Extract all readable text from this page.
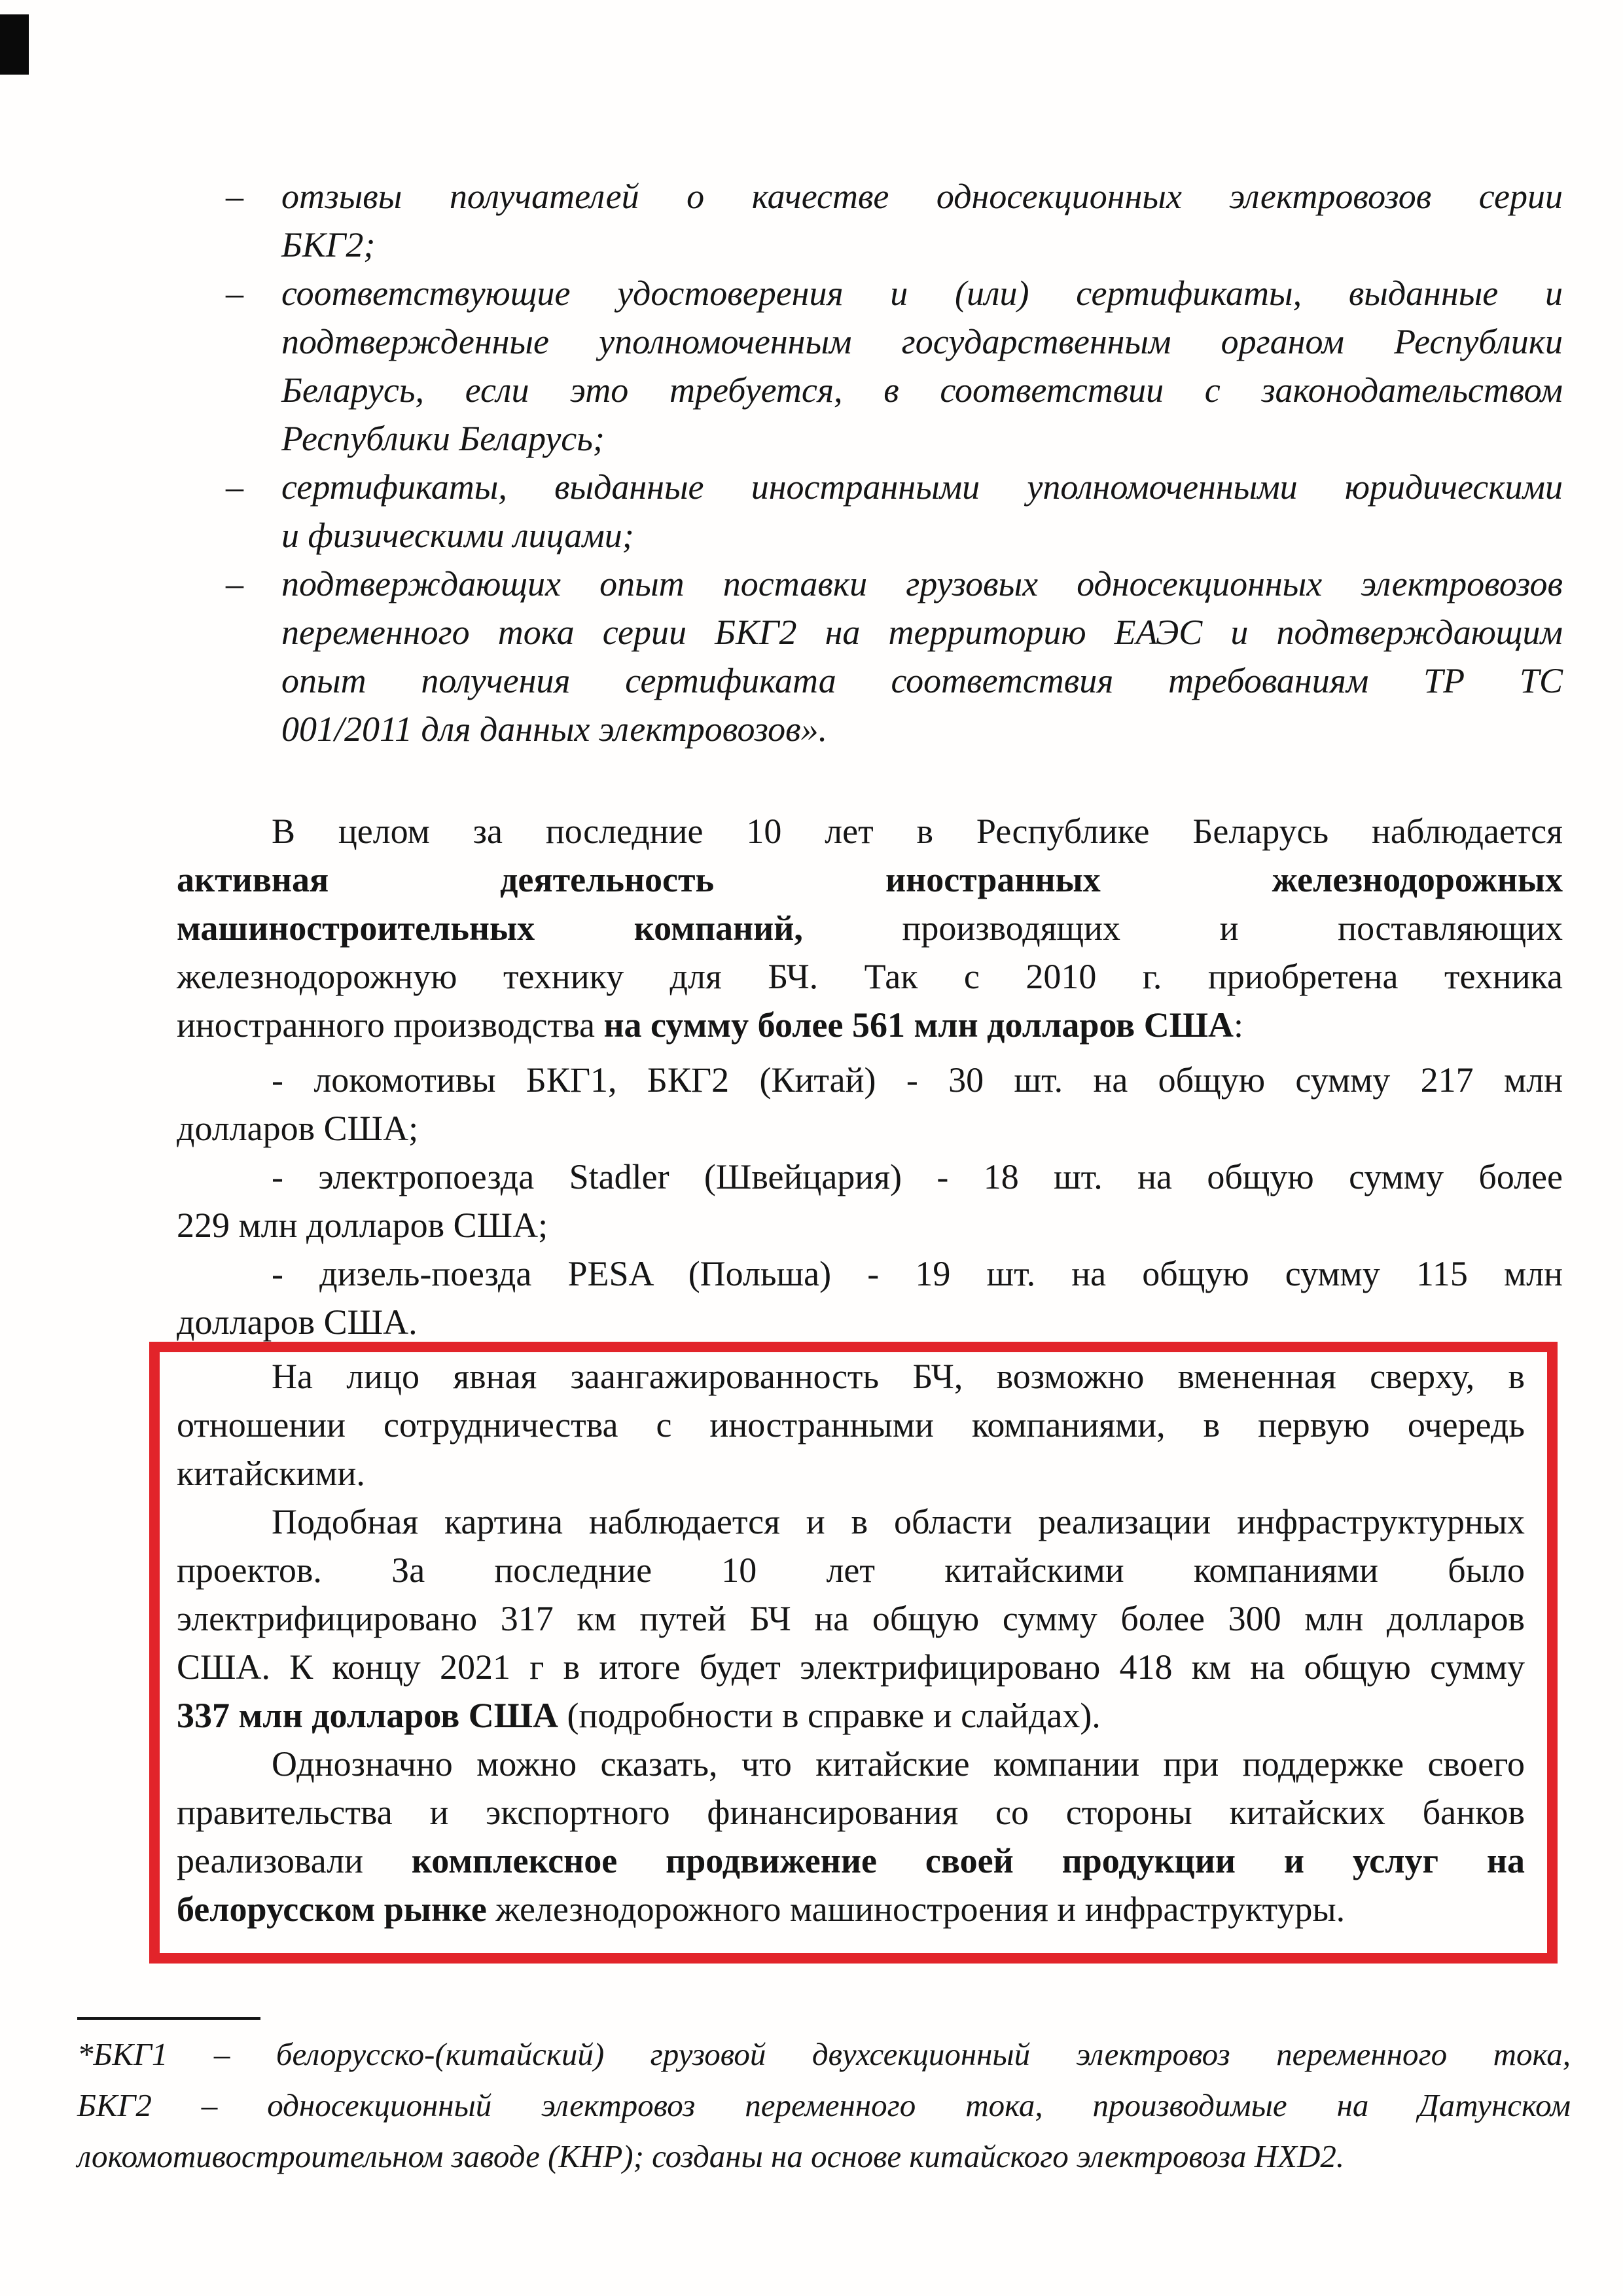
– отзывы получателей о качестве односекционных электровозов серии
БКГ2;
– соответствующие удостоверения и (или) сертификаты, выданные и
подтвержденные уполномоченным государственным органом Республики
Беларусь, если это требуется, в соответствии с законодательством
Республики Беларусь;
– сертификаты, выданные иностранными уполномоченными юридическими
и физическими лицами;
– подтверждающих опыт поставки грузовых односекционных электровозов
переменного тока серии БКГ2 на территорию ЕАЭС и подтверждающим
опыт получения сертификата соответствия требованиям ТР ТС
001/2011 для данных электровозов».
В целом за последние 10 лет в Республике Беларусь наблюдается
активная деятельность иностранных железнодорожных
машиностроительных компаний, производящих и поставляющих
железнодорожную технику для БЧ. Так с 2010 г. приобретена техника
иностранного производства на сумму более 561 млн долларов США:
- локомотивы БКГ1, БКГ2 (Китай) - 30 шт. на общую сумму 217 млн
долларов США;
- электропоезда Stadler (Швейцария) - 18 шт. на общую сумму более
229 млн долларов США;
- дизель-поезда PESA (Польша) - 19 шт. на общую сумму 115 млн
долларов США.
На лицо явная заангажированность БЧ, возможно вмененная сверху, в
отношении сотрудничества с иностранными компаниями, в первую очередь
китайскими.
Подобная картина наблюдается и в области реализации инфраструктурных
проектов. За последние 10 лет китайскими компаниями было
электрифицировано 317 км путей БЧ на общую сумму более 300 млн долларов
США. К концу 2021 г в итоге будет электрифицировано 418 км на общую сумму
337 млн долларов США (подробности в справке и слайдах).
Однозначно можно сказать, что китайские компании при поддержке своего
правительства и экспортного финансирования со стороны китайских банков
реализовали комплексное продвижение своей продукции и услуг на
белорусском рынке железнодорожного машиностроения и инфраструктуры.
*БКГ1 – белорусско-(китайский) грузовой двухсекционный электровоз переменного тока,
БКГ2 – односекционный электровоз переменного тока, производимые на Датунском
локомотивостроительном заводе (КНР); созданы на основе китайского электровоза HXD2.
